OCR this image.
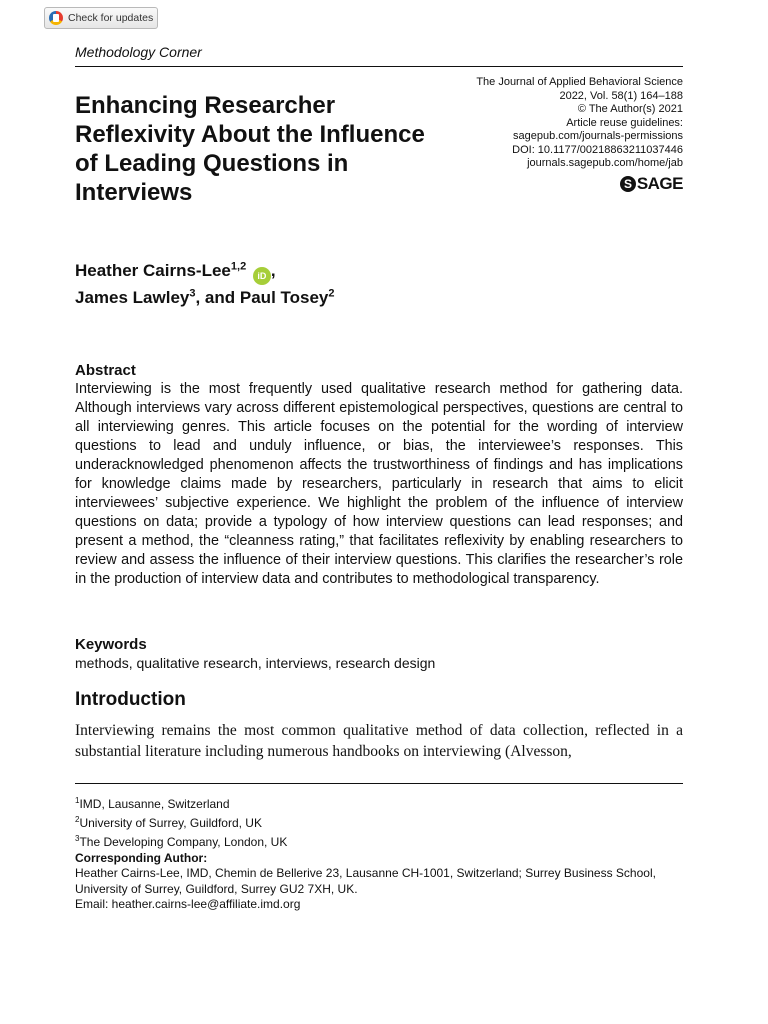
Check for updates
Methodology Corner
The Journal of Applied Behavioral Science
2022, Vol. 58(1) 164–188
© The Author(s) 2021
Article reuse guidelines:
sagepub.com/journals-permissions
DOI: 10.1177/00218863211037446
journals.sagepub.com/home/jab
S SAGE
Enhancing Researcher Reflexivity About the Influence of Leading Questions in Interviews
Heather Cairns-Lee$^{1,2}$ iD ,
James Lawley$^3$, and Paul Tosey$^2$
Abstract

Interviewing is the most frequently used qualitative research method for gathering data. Although interviews vary across different epistemological perspectives, questions are central to all interviewing genres. This article focuses on the potential for the wording of interview questions to lead and unduly influence, or bias, the interviewee’s responses. This underacknowledged phenomenon affects the trustworthiness of findings and has implications for knowledge claims made by researchers, particularly in research that aims to elicit interviewees’ subjective experience. We highlight the problem of the influence of interview questions on data; provide a typology of how interview questions can lead responses; and present a method, the “cleanness rating,” that facilitates reflexivity by enabling researchers to review and assess the influence of their interview questions. This clarifies the researcher’s role in the production of interview data and contributes to methodological transparency.

Keywords
methods, qualitative research, interviews, research design
Introduction

Interviewing remains the most common qualitative method of data collection, reflected in a substantial literature including numerous handbooks on interviewing (Alvesson,

$^1$IMD, Lausanne, Switzerland
$^2$University of Surrey, Guildford, UK
$^3$The Developing Company, London, UK
Corresponding Author:
Heather Cairns-Lee, IMD, Chemin de Bellerive 23, Lausanne CH-1001, Switzerland; Surrey Business School,
University of Surrey, Guildford, Surrey GU2 7XH, UK.
Email: heather.cairns-lee@affiliate.imd.org
